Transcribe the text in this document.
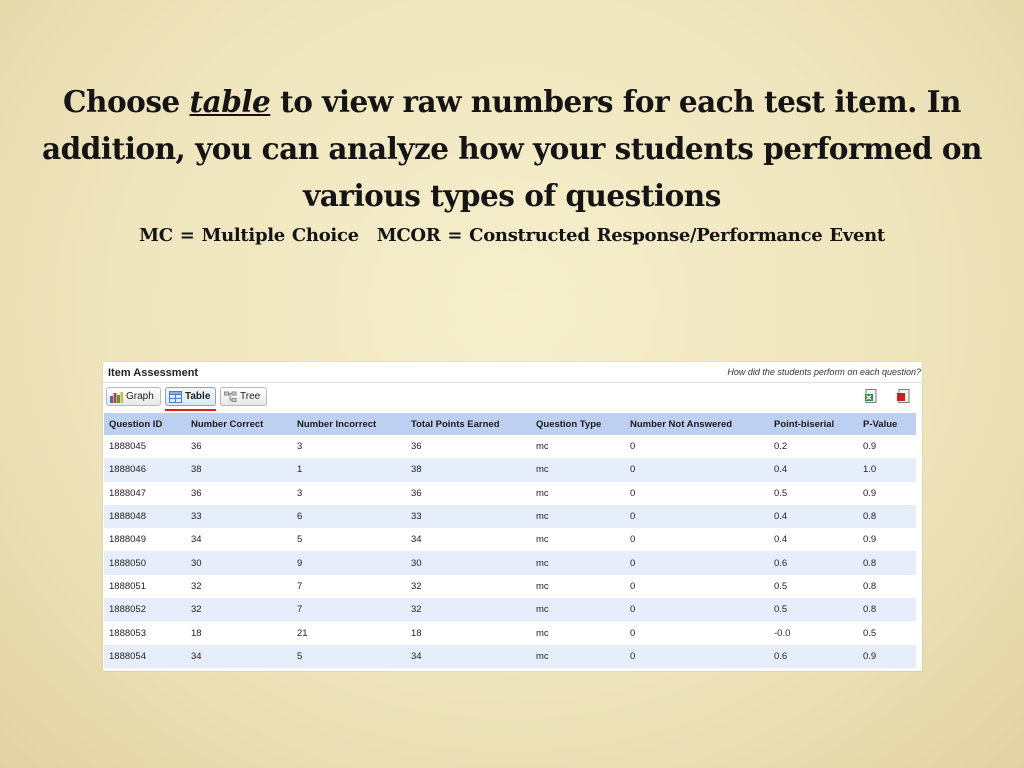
Choose table to view raw numbers for each test item. In addition, you can analyze how your students performed on various types of questions
MC = Multiple Choice MCOR = Constructed Response/Performance Event
Item Assessment	How did the students perform on each question?
Graph	Table	Tree
Question ID	Number Correct	Number Incorrect	Total Points Earned	Question Type	Number Not Answered	Point-biserial	P-Value
1888045	36	3	36	mc	0	0.2	0.9
1888046	38	1	38	mc	0	0.4	1.0
1888047	36	3	36	mc	0	0.5	0.9
1888048	33	6	33	mc	0	0.4	0.8
1888049	34	5	34	mc	0	0.4	0.9
1888050	30	9	30	mc	0	0.6	0.8
1888051	32	7	32	mc	0	0.5	0.8
1888052	32	7	32	mc	0	0.5	0.8
1888053	18	21	18	mc	0	-0.0	0.5
1888054	34	5	34	mc	0	0.6	0.9
